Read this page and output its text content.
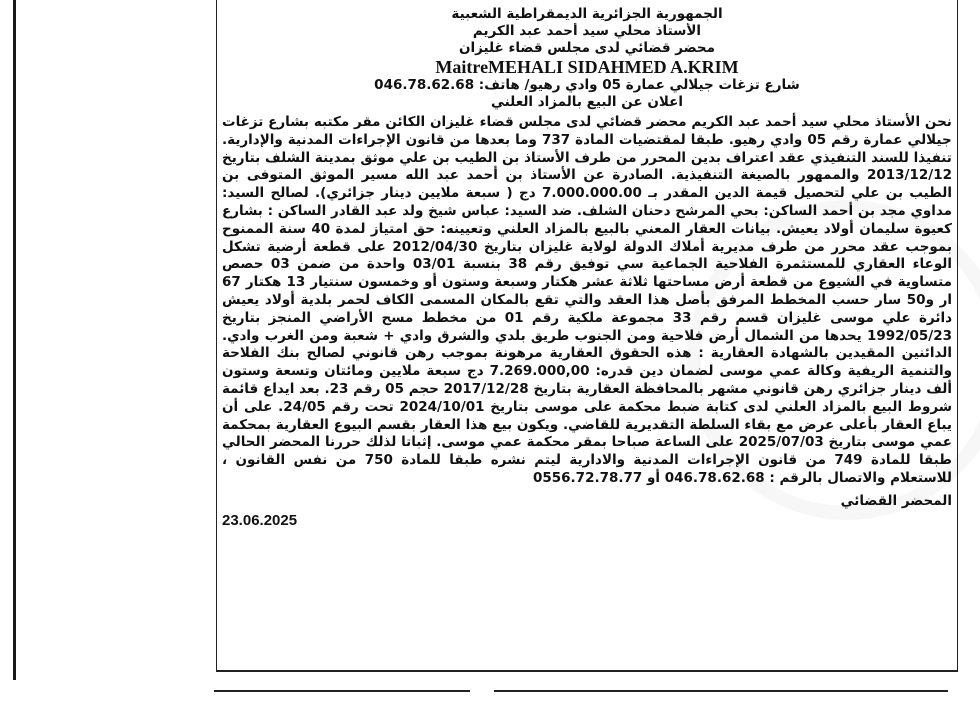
الجمهورية الجزائرية الديمقراطية الشعبية
الأستاذ محلي سيد أحمد عبد الكريم
محضر قضائي لدى مجلس قضاء غليزان
MaitreMEHALI SIDAHMED A.KRIM
شارع تزغات جيلالي عمارة 05 وادي رهيو/ هاتف: 046.78.62.68
اعلان عن البيع بالمزاد العلني
نحن الأستاذ محلي سيد أحمد عبد الكريم محضر قضائي لدى مجلس قضاء غليزان الكائن مقر مكتبه بشارع تزغات جيلالي عمارة رقم 05 وادي رهيو. طبقا لمقتضيات المادة 737 وما بعدها من قانون الإجراءات المدنية والإدارية. تنفيذا للسند التنفيذي عقد اعتراف بدين المحرر من طرف الأستاذ بن الطيب بن علي موثق بمدينة الشلف بتاريخ 2013/12/12 والممهور بالصيغة التنفيذية. الصادرة عن الأستاذ بن أحمد عبد الله مسير الموثق المتوفى بن الطيب بن علي لتحصيل قيمة الدين المقدر بـ 7.000.000.00 دج ( سبعة ملايين دينار جزائري). لصالح السيد: مداوي مجد بن أحمد الساكن: بحي المرشح دحنان الشلف. ضد السيد: عباس شيخ ولد عبد القادر الساكن : بشارع كعيوة سليمان أولاد يعيش. بيانات العقار المعني بالبيع بالمزاد العلني وتعيينه: حق امتياز لمدة 40 سنة الممنوح بموجب عقد محرر من طرف مديرية أملاك الدولة لولاية غليزان بتاريخ 2012/04/30 على قطعة أرضية تشكل الوعاء العقاري للمستثمرة الفلاحية الجماعية سي توفيق رقم 38 بنسبة 03/01 واحدة من ضمن 03 حصص متساوية في الشيوع من قطعة أرض مساحتها ثلاثة عشر هكتار وسبعة وستون أو وخمسون سنتيار 13 هكتار 67 ار و50 سار حسب المخطط المرفق بأصل هذا العقد والتي تقع بالمكان المسمى الكاف لحمر بلدية أولاد يعيش دائرة علي موسى غليزان قسم رقم 33 مجموعة ملكية رقم 01 من مخطط مسح الأراضي المنجز بتاريخ 1992/05/23 يحدها من الشمال أرض فلاحية ومن الجنوب طريق بلدي والشرق وادي + شعبة ومن الغرب وادي. الدائنين المقيدين بالشهادة العقارية : هذه الحقوق العقارية مرهونة بموجب رهن قانوني لصالح بنك الفلاحة والتنمية الريفية وكالة عمي موسى لضمان دين قدره: 7.269.000,00 دج سبعة ملايين ومائتان وتسعة وستون ألف دينار جزائري رهن قانوني مشهر بالمحافظة العقارية بتاريخ 2017/12/28 حجم 05 رقم 23. بعد ايداع قائمة شروط البيع بالمزاد العلني لدى كتابة ضبط محكمة على موسى بتاريخ 2024/10/01 تحت رقم 24/05. على أن يباع العقار بأعلى عرض مع بقاء السلطة التقديرية للقاضي. ويكون بيع هذا العقار بقسم البيوع العقارية بمحكمة عمي موسى بتاريخ 2025/07/03 على الساعة صباحا بمقر محكمة عمي موسى. إثباتا لذلك حررنا المحضر الحالي طبقا للمادة 749 من قانون الإجراءات المدنية والادارية ليتم نشره طبقا للمادة 750 من نفس القانون ، للاستعلام والاتصال بالرقم : 046.78.62.68 أو 0556.72.78.77
المحضر القضائي
23.06.2025
